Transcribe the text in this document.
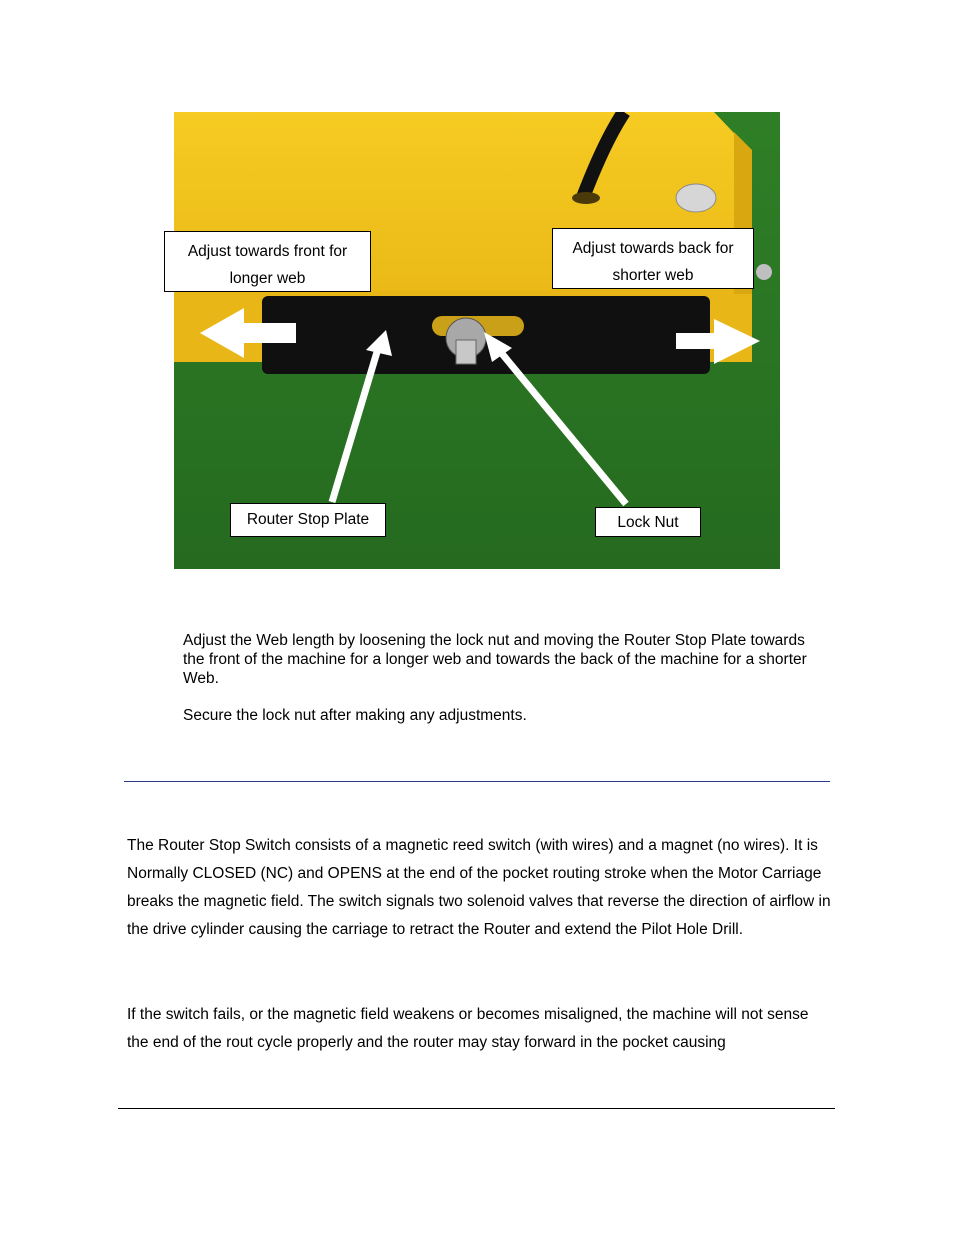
Adjust towards front for longer web
Adjust towards back for shorter web
Router Stop Plate	Lock Nut

Adjust the Web length by loosening the lock nut and moving the Router Stop Plate towards the front of the machine for a longer web and towards the back of the machine for a shorter Web.

Secure the lock nut after making any adjustments.

The Router Stop Switch consists of a magnetic reed switch (with wires) and a magnet (no wires). It is Normally CLOSED (NC) and OPENS at the end of the pocket routing stroke when the Motor Carriage breaks the magnetic field. The switch signals two solenoid valves that reverse the direction of airflow in the drive cylinder causing the carriage to retract the Router and extend the Pilot Hole Drill.

If the switch fails, or the magnetic field weakens or becomes misaligned, the machine will not sense the end of the rout cycle properly and the router may stay forward in the pocket causing
